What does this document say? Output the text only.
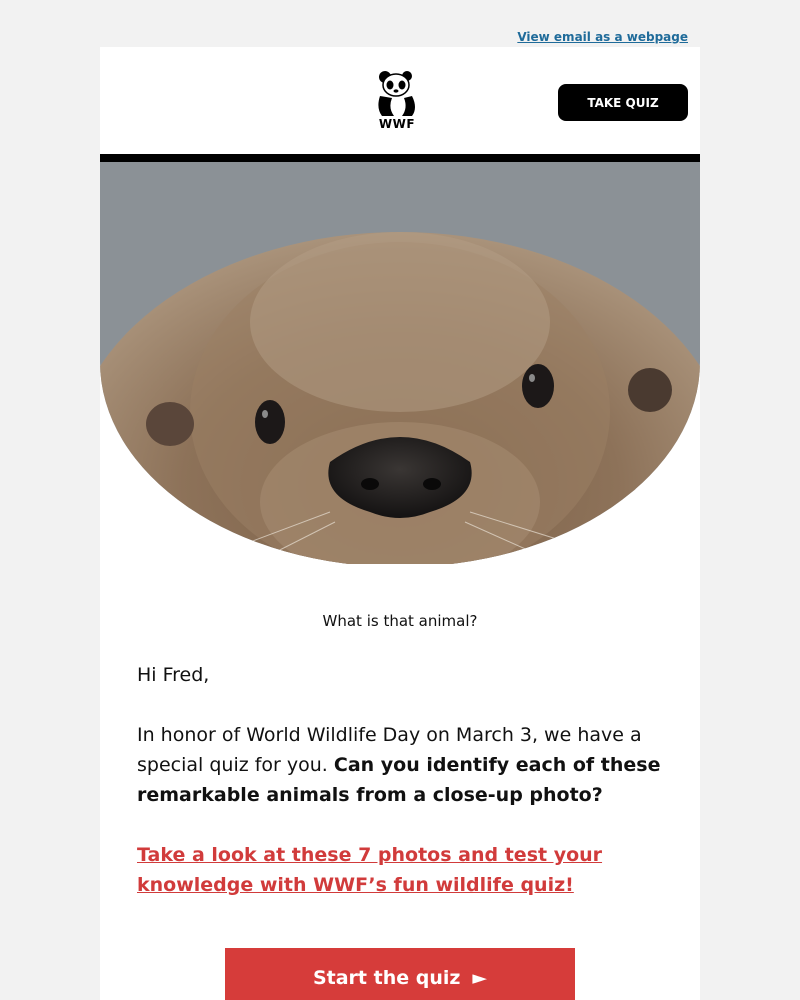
View email as a webpage
WWF
TAKE QUIZ
What is that animal?

Hi Fred,

In honor of World Wildlife Day on March 3, we have a special quiz for you. Can you identify each of these remarkable animals from a close-up photo?

Take a look at these 7 photos and test your knowledge with WWF’s fun wildlife quiz!

Start the quiz ►
